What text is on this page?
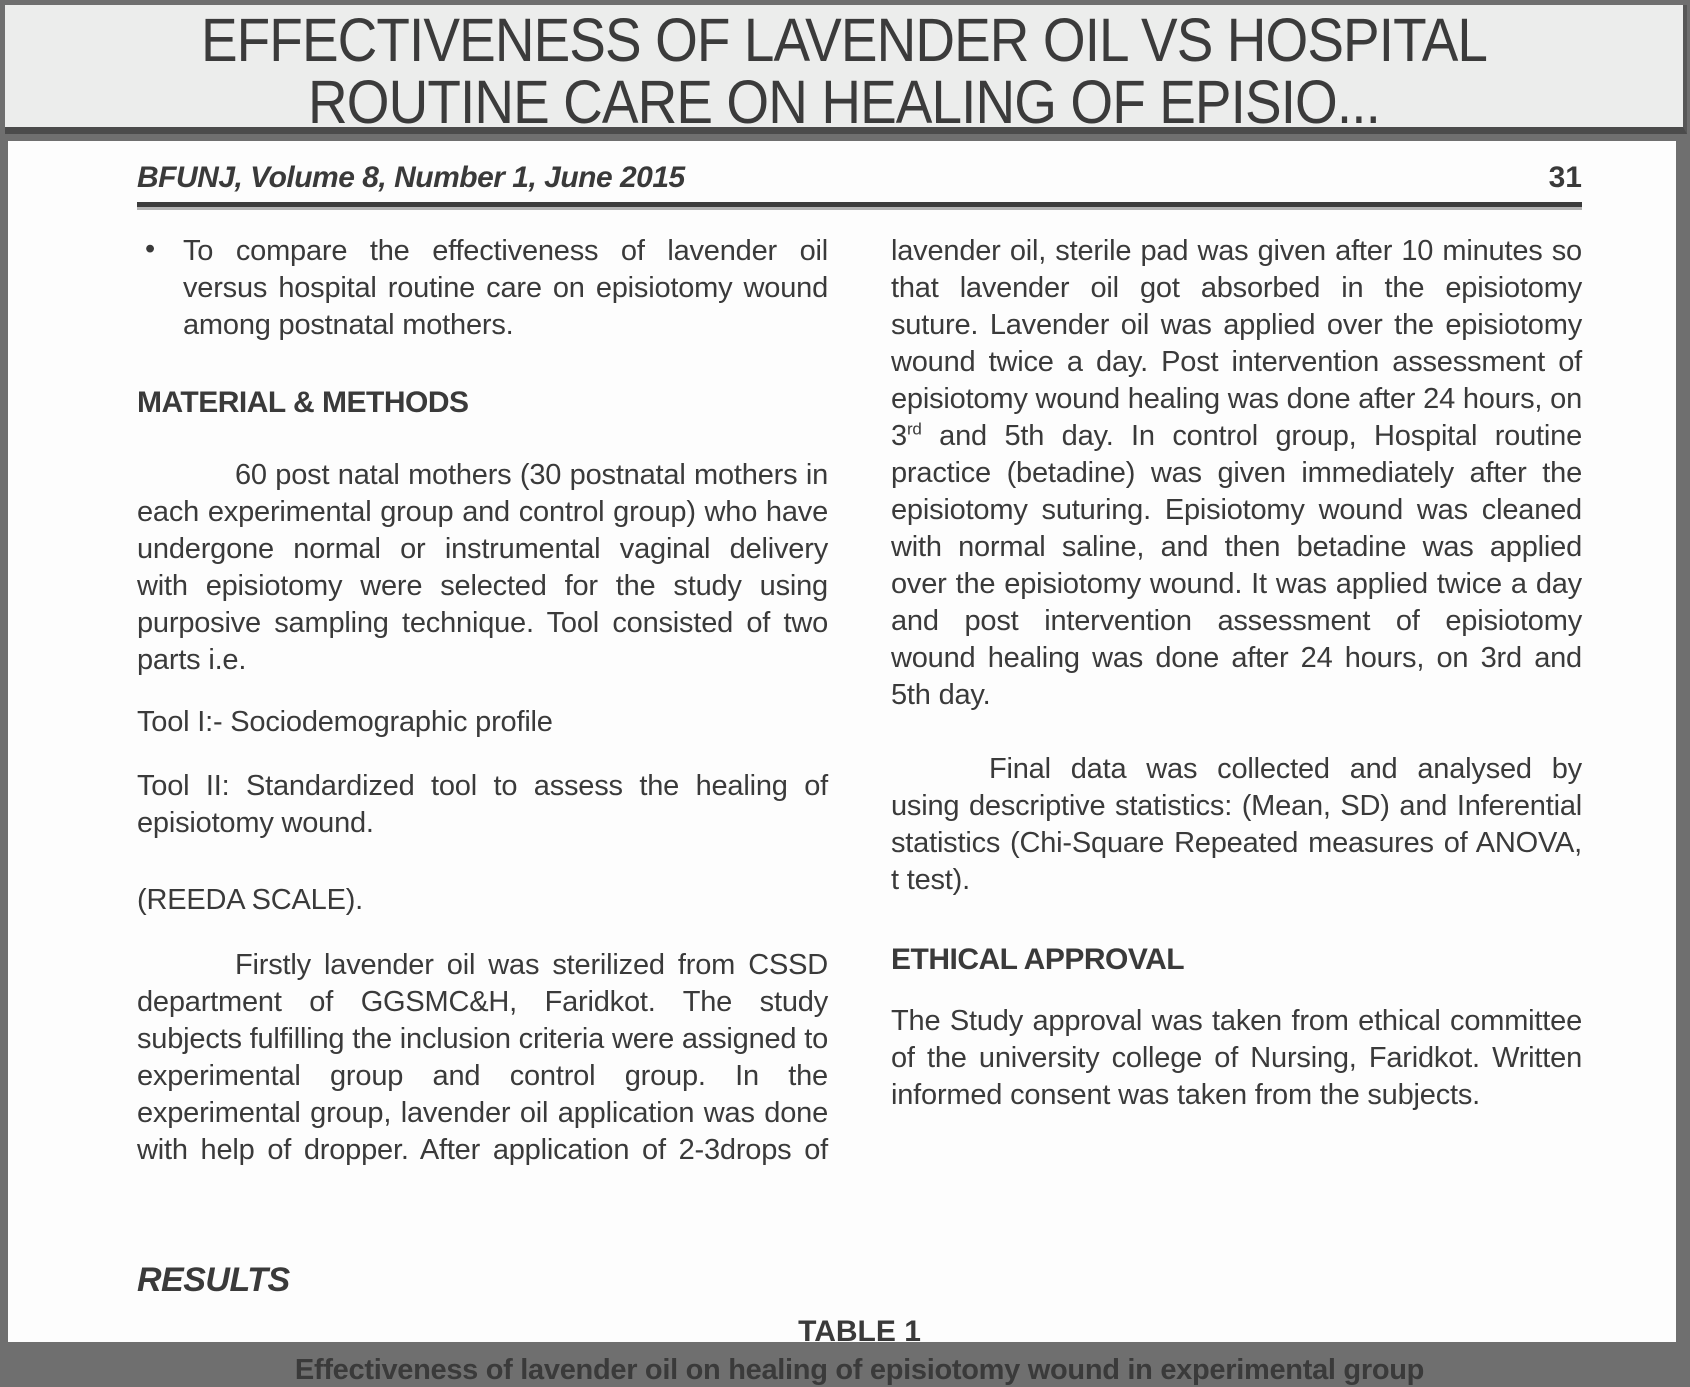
EFFECTIVENESS OF LAVENDER OIL VS HOSPITAL
ROUTINE CARE ON HEALING OF EPISIO...
BFUNJ, Volume 8, Number 1, June 2015	31
• To compare the effectiveness of lavender oil versus hospital routine care on episiotomy wound among postnatal mothers.
MATERIAL & METHODS

60 post natal mothers (30 postnatal mothers in each experimental group and control group) who have undergone normal or instrumental vaginal delivery with episiotomy were selected for the study using purposive sampling technique. Tool consisted of two parts i.e.

Tool I:- Sociodemographic profile

Tool II: Standardized tool to assess the healing of episiotomy wound.

(REEDA SCALE).

Firstly lavender oil was sterilized from CSSD department of GGSMC&H, Faridkot. The study subjects fulfilling the inclusion criteria were assigned to experimental group and control group. In the experimental group, lavender oil application was done with help of dropper. After application of 2-3drops of

lavender oil, sterile pad was given after 10 minutes so that lavender oil got absorbed in the episiotomy suture. Lavender oil was applied over the episiotomy wound twice a day. Post intervention assessment of episiotomy wound healing was done after 24 hours, on 3rd and 5th day. In control group, Hospital routine practice (betadine) was given immediately after the episiotomy suturing. Episiotomy wound was cleaned with normal saline, and then betadine was applied over the episiotomy wound. It was applied twice a day and post intervention assessment of episiotomy wound healing was done after 24 hours, on 3rd and 5th day.

Final data was collected and analysed by using descriptive statistics: (Mean, SD) and Inferential statistics (Chi-Square Repeated measures of ANOVA, t test).

ETHICAL APPROVAL

The Study approval was taken from ethical committee of the university college of Nursing, Faridkot. Written informed consent was taken from the subjects.

RESULTS
TABLE 1
Effectiveness of lavender oil on healing of episiotomy wound in experimental group
